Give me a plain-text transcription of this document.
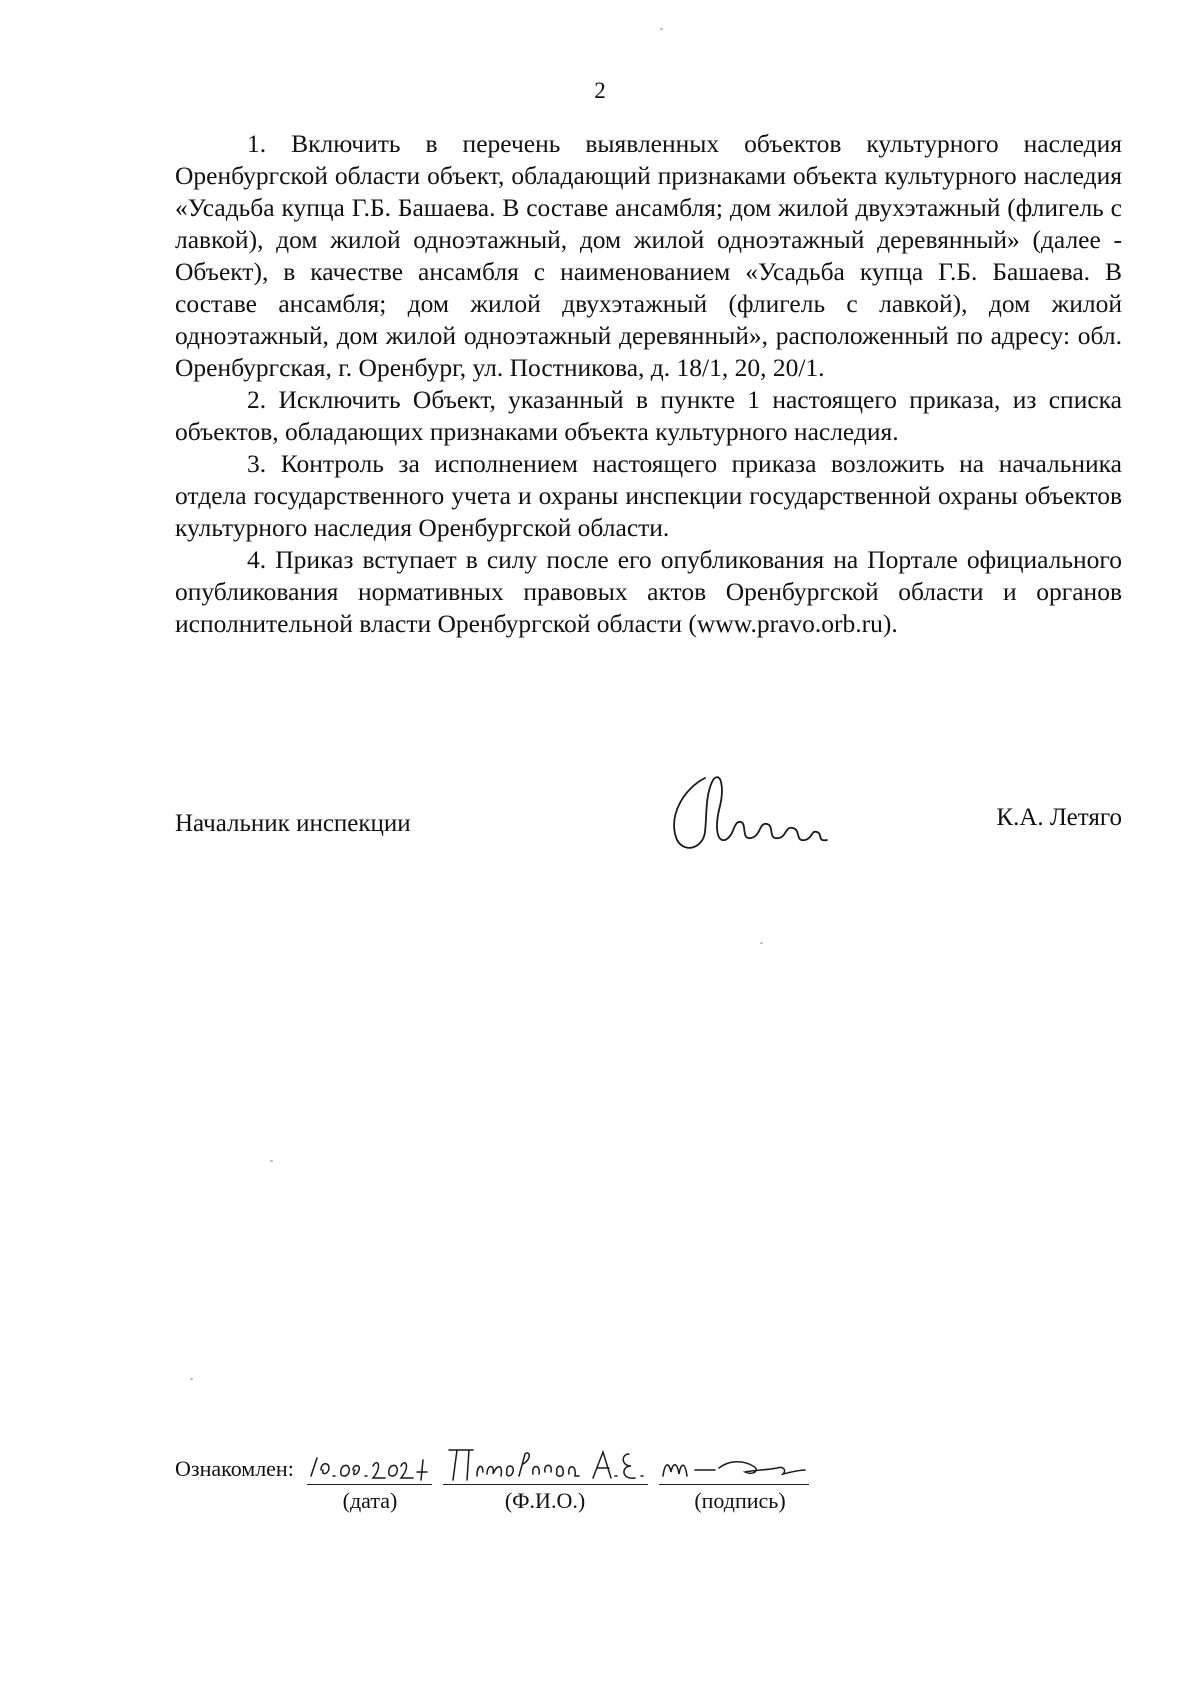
2

1. Включить в перечень выявленных объектов культурного наследия Оренбургской области объект, обладающий признаками объекта культурного наследия «Усадьба купца Г.Б. Башаева. В составе ансамбля; дом жилой двухэтажный (флигель с лавкой), дом жилой одноэтажный, дом жилой одноэтажный деревянный» (далее - Объект), в качестве ансамбля с наименованием «Усадьба купца Г.Б. Башаева. В составе ансамбля; дом жилой двухэтажный (флигель с лавкой), дом жилой одноэтажный, дом жилой одноэтажный деревянный», расположенный по адресу: обл. Оренбургская, г. Оренбург, ул. Постникова, д. 18/1, 20, 20/1.

2. Исключить Объект, указанный в пункте 1 настоящего приказа, из списка объектов, обладающих признаками объекта культурного наследия.

3. Контроль за исполнением настоящего приказа возложить на начальника отдела государственного учета и охраны инспекции государственной охраны объектов культурного наследия Оренбургской области.

4. Приказ вступает в силу после его опубликования на Портале официального опубликования нормативных правовых актов Оренбургской области и органов исполнительной власти Оренбургской области (www.pravo.orb.ru).

Начальник инспекции	К.А. Летяго
Ознакомлен:
(дата)	(Ф.И.О.)	(подпись)
